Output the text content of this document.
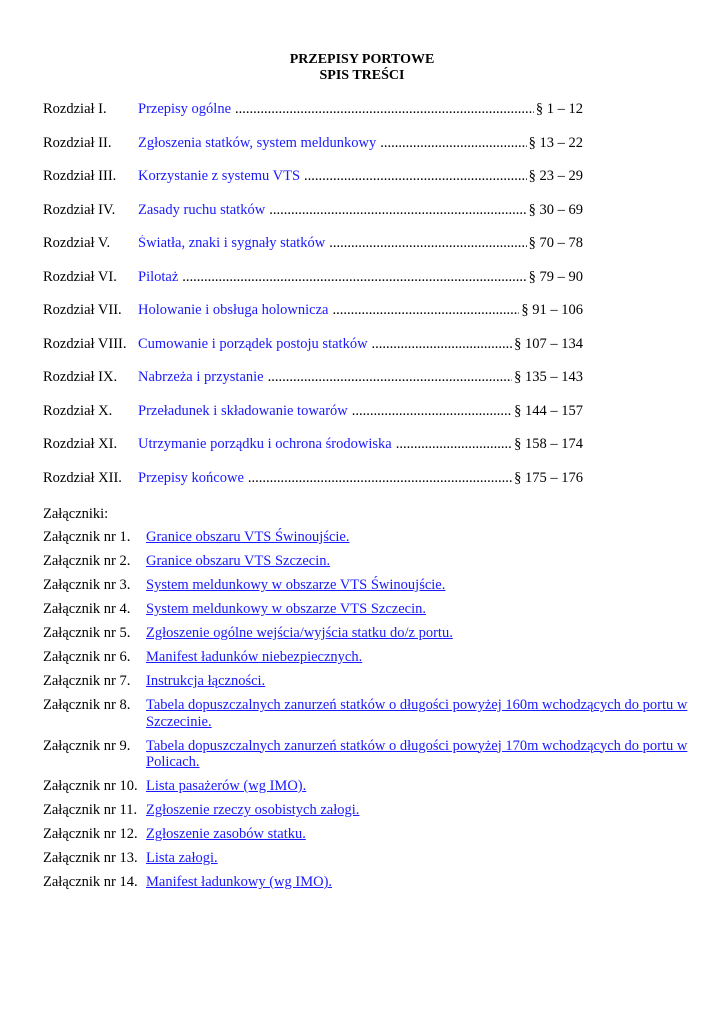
PRZEPISY PORTOWE
SPIS TREŚCI
Rozdział I.	Przepisy ogólne .....	§ 1 – 12
Rozdział II.	Zgłoszenia statków, system meldunkowy .....	§ 13 – 22
Rozdział III.	Korzystanie z systemu VTS .....	§ 23 – 29
Rozdział IV.	Zasady ruchu statków .....	§ 30 – 69
Rozdział V.	Światła, znaki i sygnały statków .....	§ 70 – 78
Rozdział VI.	Pilotaż .....	§ 79 – 90
Rozdział VII.	Holowanie i obsługa holownicza .....	§ 91 – 106
Rozdział VIII. Cumowanie i porządek postoju statków .....	§ 107 – 134
Rozdział IX.	Nabrzeża i przystanie .....	§ 135 – 143
Rozdział X.	Przeładunek i składowanie towarów .....	§ 144 – 157
Rozdział XI.	Utrzymanie porządku i ochrona środowiska .....	§ 158 – 174
Rozdział XII.	Przepisy końcowe .....	§ 175 – 176
Załączniki:
Załącznik nr 1.	Granice obszaru VTS Świnoujście.
Załącznik nr 2.	Granice obszaru VTS Szczecin.
Załącznik nr 3.	System meldunkowy w obszarze VTS Świnoujście.
Załącznik nr 4.	System meldunkowy w obszarze VTS Szczecin.
Załącznik nr 5.	Zgłoszenie ogólne wejścia/wyjścia statku do/z portu.
Załącznik nr 6.	Manifest ładunków niebezpiecznych.
Załącznik nr 7.	Instrukcja łączności.
Załącznik nr 8.	Tabela dopuszczalnych zanurzeń statków o długości powyżej 160m wchodzących do portu w Szczecinie.
Załącznik nr 9.	Tabela dopuszczalnych zanurzeń statków o długości powyżej 170m wchodzących do portu w Policach.
Załącznik nr 10. Lista pasażerów (wg IMO).
Załącznik nr 11. Zgłoszenie rzeczy osobistych załogi.
Załącznik nr 12. Zgłoszenie zasobów statku.
Załącznik nr 13. Lista załogi.
Załącznik nr 14. Manifest ładunkowy (wg IMO).
